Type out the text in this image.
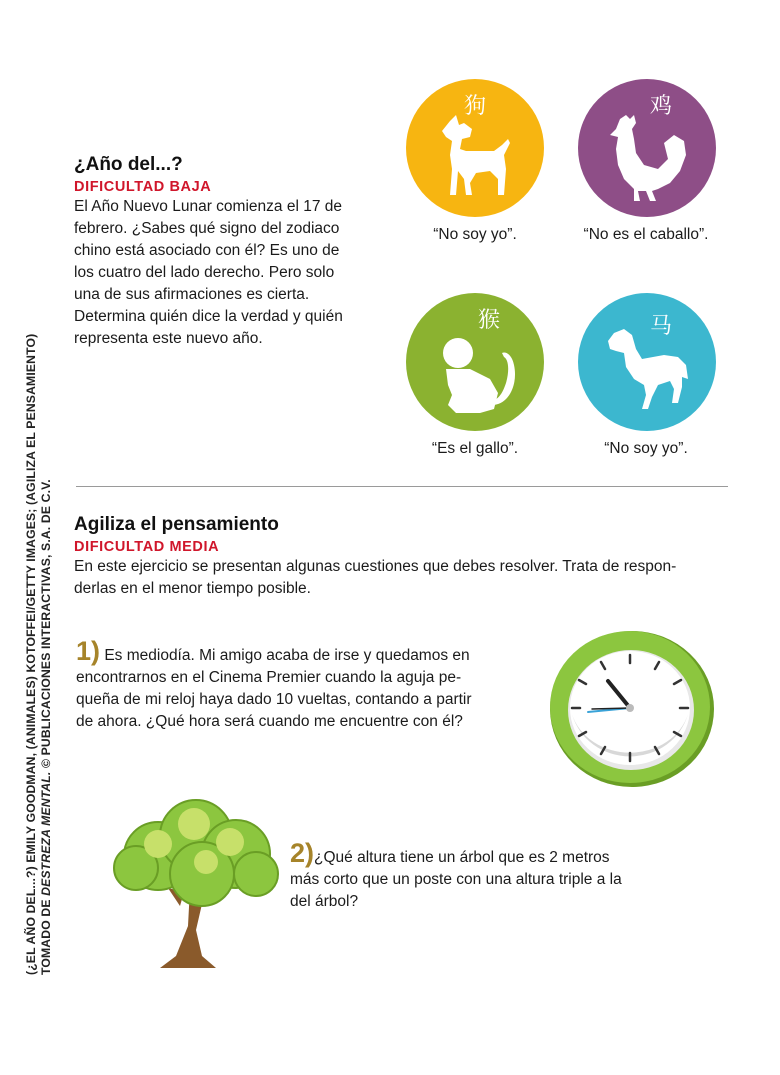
(¿EL AÑO DEL...?) EMILY GOODMAN, (ANIMALES) KOTOFFEI/GETTY IMAGES; (AGILIZA EL PENSAMIENTO) TOMADO DE DESTREZA MENTAL. © PUBLICACIONES INTERACTIVAS, S.A. DE C.V.
¿Año del...?
DIFICULTAD BAJA
El Año Nuevo Lunar comienza el 17 de
febrero. ¿Sabes qué signo del zodiaco
chino está asociado con él? Es uno de
los cuatro del lado derecho. Pero solo
una de sus afirmaciones es cierta.
Determina quién dice la verdad y quién
representa este nuevo año.
狗
“No soy yo”.
鸡
“No es el caballo”.
猴
“Es el gallo”.
马
“No soy yo”.
Agiliza el pensamiento
DIFICULTAD MEDIA
En este ejercicio se presentan algunas cuestiones que debes resolver. Trata de respon-
derlas en el menor tiempo posible.
1) Es mediodía. Mi amigo acaba de irse y quedamos en
encontrarnos en el Cinema Premier cuando la aguja pe-
queña de mi reloj haya dado 10 vueltas, contando a partir
de ahora. ¿Qué hora será cuando me encuentre con él?
2)¿Qué altura tiene un árbol que es 2 metros
más corto que un poste con una altura triple a la
del árbol?
